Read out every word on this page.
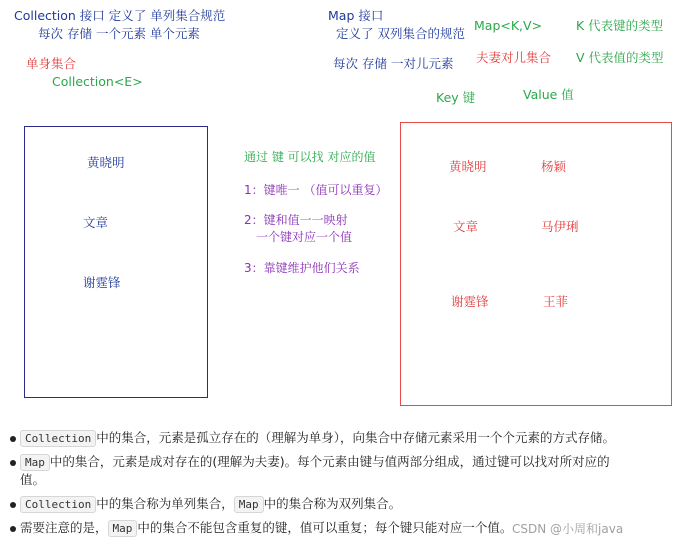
Collection 接口 定义了 单列集合规范
每次 存储 一个元素 单个元素
单身集合
Collection<E>
Map 接口
定义了 双列集合的规范
每次 存储 一对儿元素
Map<K,V>
夫妻对儿集合
K 代表键的类型
V 代表值的类型
Key 键	Value 值
黄晓明
文章
谢霆锋
通过 键 可以找 对应的值
1：键唯一 （值可以重复）
2：键和值一一映射
一个键对应一个值
3：靠键维护他们关系
黄晓明	杨颖
文章	马伊琍
谢霆锋	王菲
Collection 中的集合，元素是孤立存在的（理解为单身），向集合中存储元素采用一个个元素的方式存储。
Map 中的集合，元素是成对存在的(理解为夫妻)。每个元素由键与值两部分组成，通过键可以找对所对应的
值。
Collection 中的集合称为单列集合， Map 中的集合称为双列集合。
需要注意的是， Map 中的集合不能包含重复的键，值可以重复；每个键只能对应一个值。 CSDN @小周和java
